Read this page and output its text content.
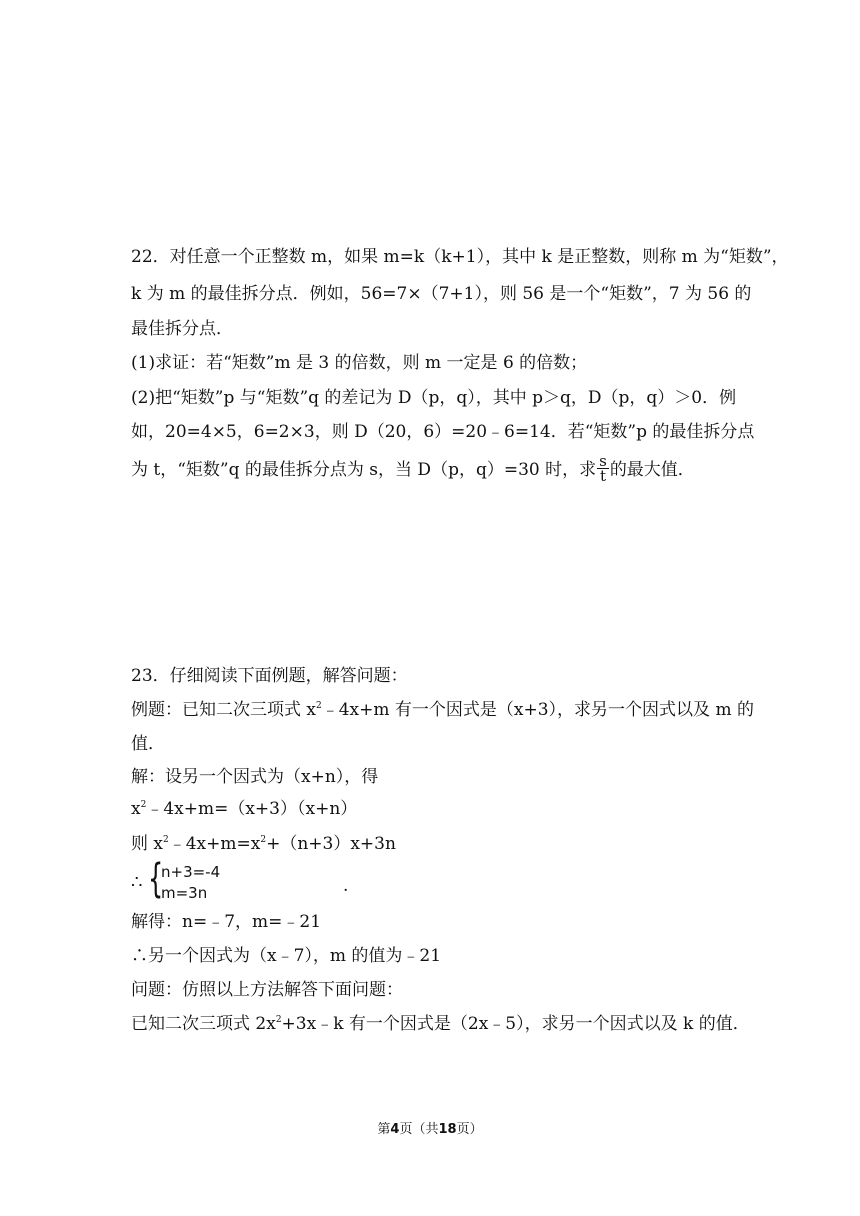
22．对任意一个正整数 m，如果 m=k（k+1），其中 k 是正整数，则称 m 为“矩数”，
k 为 m 的最佳拆分点．例如，56=7×（7+1），则 56 是一个“矩数”，7 为 56 的
最佳拆分点．
(1)求证：若“矩数”m 是 3 的倍数，则 m 一定是 6 的倍数；
(2)把“矩数”p 与“矩数”q 的差记为 D（p，q），其中 p＞q，D（p，q）＞0．例
如，20=4×5，6=2×3，则 D（20，6）=20﹣6=14．若“矩数”p 的最佳拆分点
为 t，“矩数”q 的最佳拆分点为 s，当 D（p，q）=30 时，求 $\frac{s}{t}$ 的最大值．
23．仔细阅读下面例题，解答问题：
例题：已知二次三项式 $x^2﹣4x+m$ 有一个因式是（x+3），求另一个因式以及 m 的
值．
解：设另一个因式为（x+n），得
$x^2﹣4x+m=(x+3)(x+n)$
则 $x^2﹣4x+m=x^2+(n+3)x+3n$
∴ {
n+3=-4
m=3n	.
解得：n=﹣7，m=﹣21
∴另一个因式为（x﹣7），m 的值为﹣21
问题：仿照以上方法解答下面问题：
已知二次三项式 $2x^2+3x﹣k$ 有一个因式是（2x﹣5），求另一个因式以及 k 的值．
第4页（共18页）
